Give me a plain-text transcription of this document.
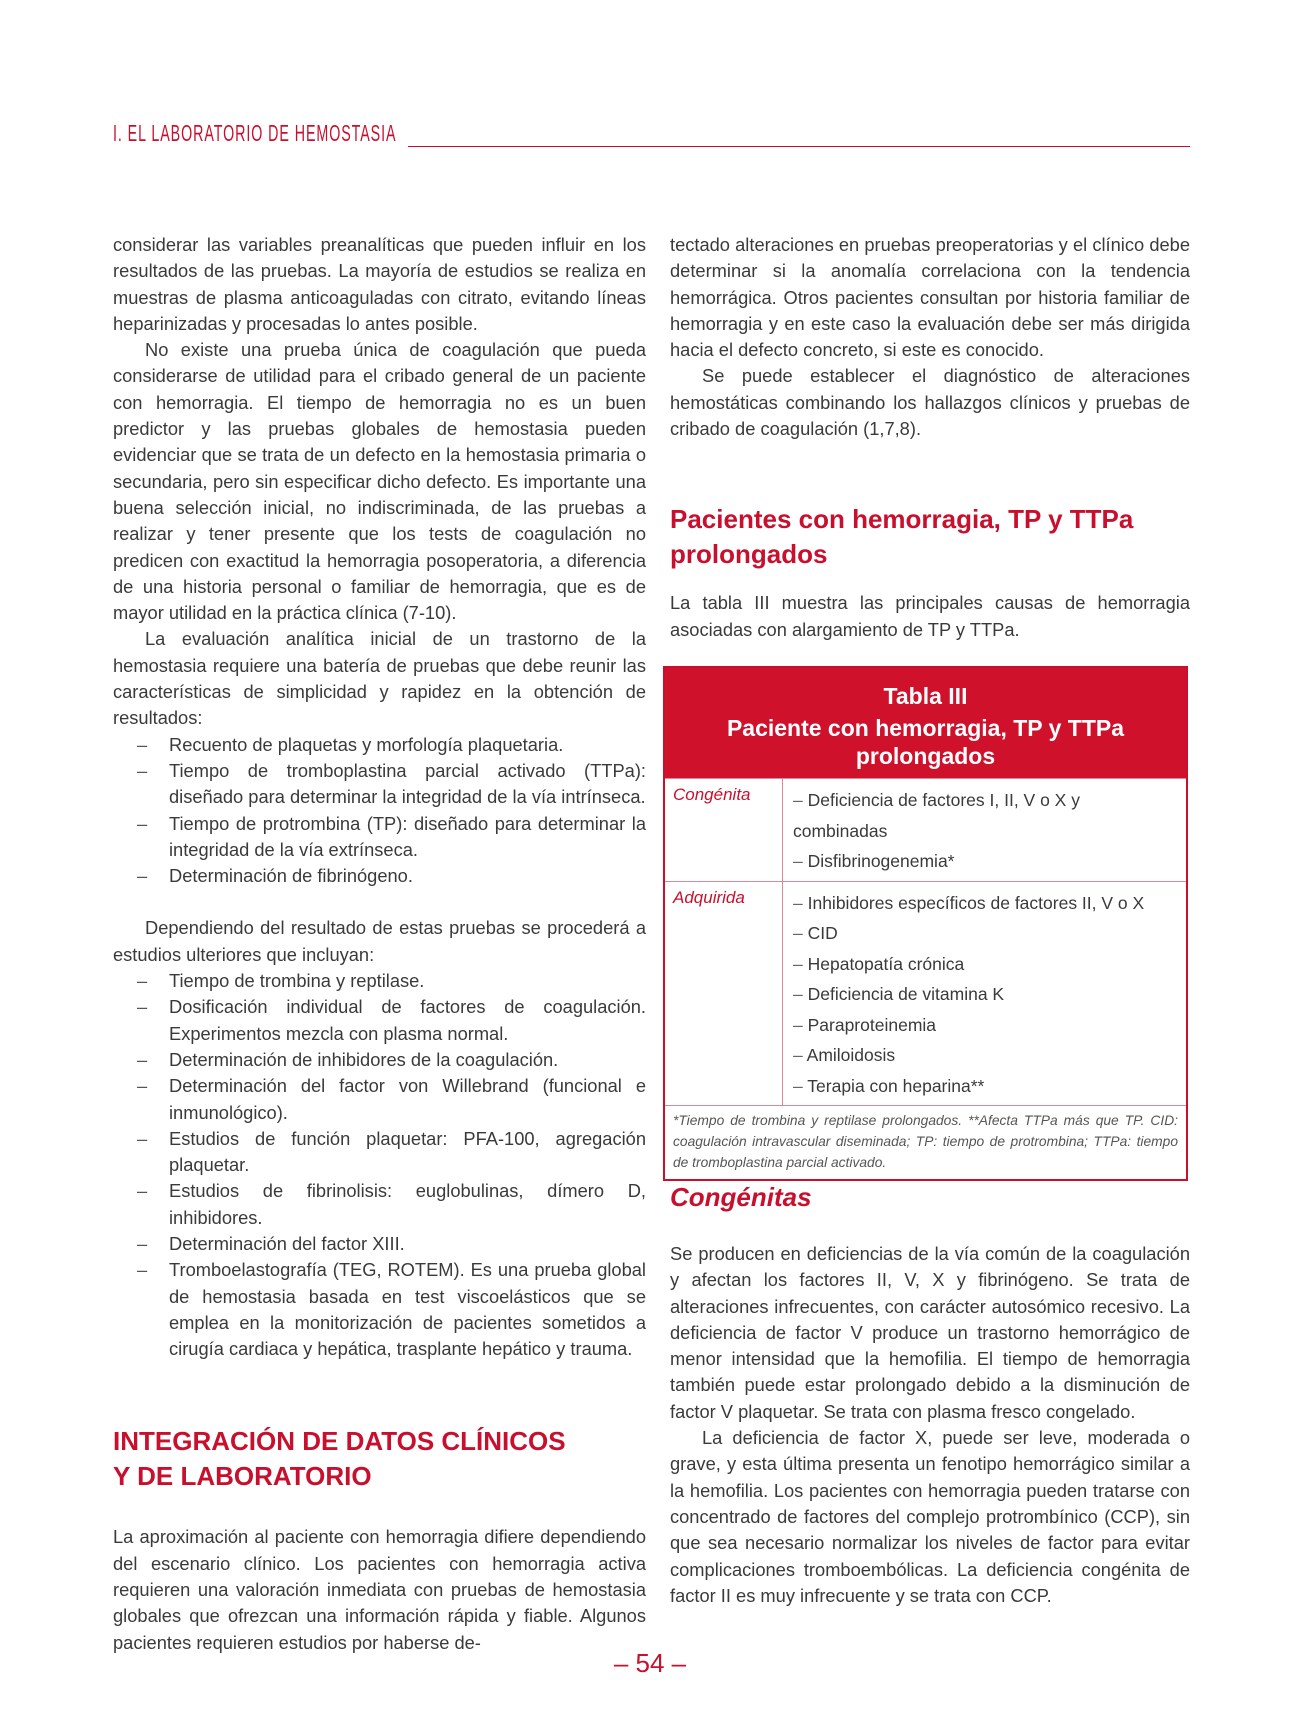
I. EL LABORATORIO DE HEMOSTASIA

considerar las variables preanalíticas que pueden influir en los resultados de las pruebas. La mayoría de estudios se realiza en muestras de plasma anticoaguladas con citrato, evitando líneas heparinizadas y procesadas lo antes posible.

No existe una prueba única de coagulación que pueda considerarse de utilidad para el cribado general de un paciente con hemorragia. El tiempo de hemorragia no es un buen predictor y las pruebas globales de hemostasia pueden evidenciar que se trata de un defecto en la hemostasia primaria o secundaria, pero sin especificar dicho defecto. Es importante una buena selección inicial, no indiscriminada, de las pruebas a realizar y tener presente que los tests de coagulación no predicen con exactitud la hemorragia posoperatoria, a diferencia de una historia personal o familiar de hemorragia, que es de mayor utilidad en la práctica clínica (7-10).

La evaluación analítica inicial de un trastorno de la hemostasia requiere una batería de pruebas que debe reunir las características de simplicidad y rapidez en la obtención de resultados:

– Recuento de plaquetas y morfología plaquetaria.
– Tiempo de tromboplastina parcial activado (TTPa): diseñado para determinar la integridad de la vía intrínseca.
– Tiempo de protrombina (TP): diseñado para determinar la integridad de la vía extrínseca.
– Determinación de fibrinógeno.

Dependiendo del resultado de estas pruebas se procederá a estudios ulteriores que incluyan:

– Tiempo de trombina y reptilase.
– Dosificación individual de factores de coagulación. Experimentos mezcla con plasma normal.
– Determinación de inhibidores de la coagulación.
– Determinación del factor von Willebrand (funcional e inmunológico).
– Estudios de función plaquetar: PFA-100, agregación plaquetar.
– Estudios de fibrinolisis: euglobulinas, dímero D, inhibidores.
– Determinación del factor XIII.
– Tromboelastografía (TEG, ROTEM). Es una prueba global de hemostasia basada en test viscoelásticos que se emplea en la monitorización de pacientes sometidos a cirugía cardiaca y hepática, trasplante hepático y trauma.
INTEGRACIÓN DE DATOS CLÍNICOS
Y DE LABORATORIO

La aproximación al paciente con hemorragia difiere dependiendo del escenario clínico. Los pacientes con hemorragia activa requieren una valoración inmediata con pruebas de hemostasia globales que ofrezcan una información rápida y fiable. Algunos pacientes requieren estudios por haberse de-

tectado alteraciones en pruebas preoperatorias y el clínico debe determinar si la anomalía correlaciona con la tendencia hemorrágica. Otros pacientes consultan por historia familiar de hemorragia y en este caso la evaluación debe ser más dirigida hacia el defecto concreto, si este es conocido.

Se puede establecer el diagnóstico de alteraciones hemostáticas combinando los hallazgos clínicos y pruebas de cribado de coagulación (1,7,8).

Pacientes con hemorragia, TP y TTPa prolongados

La tabla III muestra las principales causas de hemorragia asociadas con alargamiento de TP y TTPa.

Tabla III
Paciente con hemorragia, TP y TTPa
prolongados
Congénita	– Deficiencia de factores I, II, V o X y combinadas
– Disfibrinogenemia*
Adquirida	– Inhibidores específicos de factores II, V o X
– CID
– Hepatopatía crónica
– Deficiencia de vitamina K
– Paraproteinemia
– Amiloidosis
– Terapia con heparina**
*Tiempo de trombina y reptilase prolongados. **Afecta TTPa más que TP. CID: coagulación intravascular diseminada; TP: tiempo de protrombina; TTPa: tiempo de tromboplastina parcial activado.
Congénitas

Se producen en deficiencias de la vía común de la coagulación y afectan los factores II, V, X y fibrinógeno. Se trata de alteraciones infrecuentes, con carácter autosómico recesivo. La deficiencia de factor V produce un trastorno hemorrágico de menor intensidad que la hemofilia. El tiempo de hemorragia también puede estar prolongado debido a la disminución de factor V plaquetar. Se trata con plasma fresco congelado.

La deficiencia de factor X, puede ser leve, moderada o grave, y esta última presenta un fenotipo hemorrágico similar a la hemofilia. Los pacientes con hemorragia pueden tratarse con concentrado de factores del complejo protrombínico (CCP), sin que sea necesario normalizar los niveles de factor para evitar complicaciones tromboembólicas. La deficiencia congénita de factor II es muy infrecuente y se trata con CCP.

– 54 –
